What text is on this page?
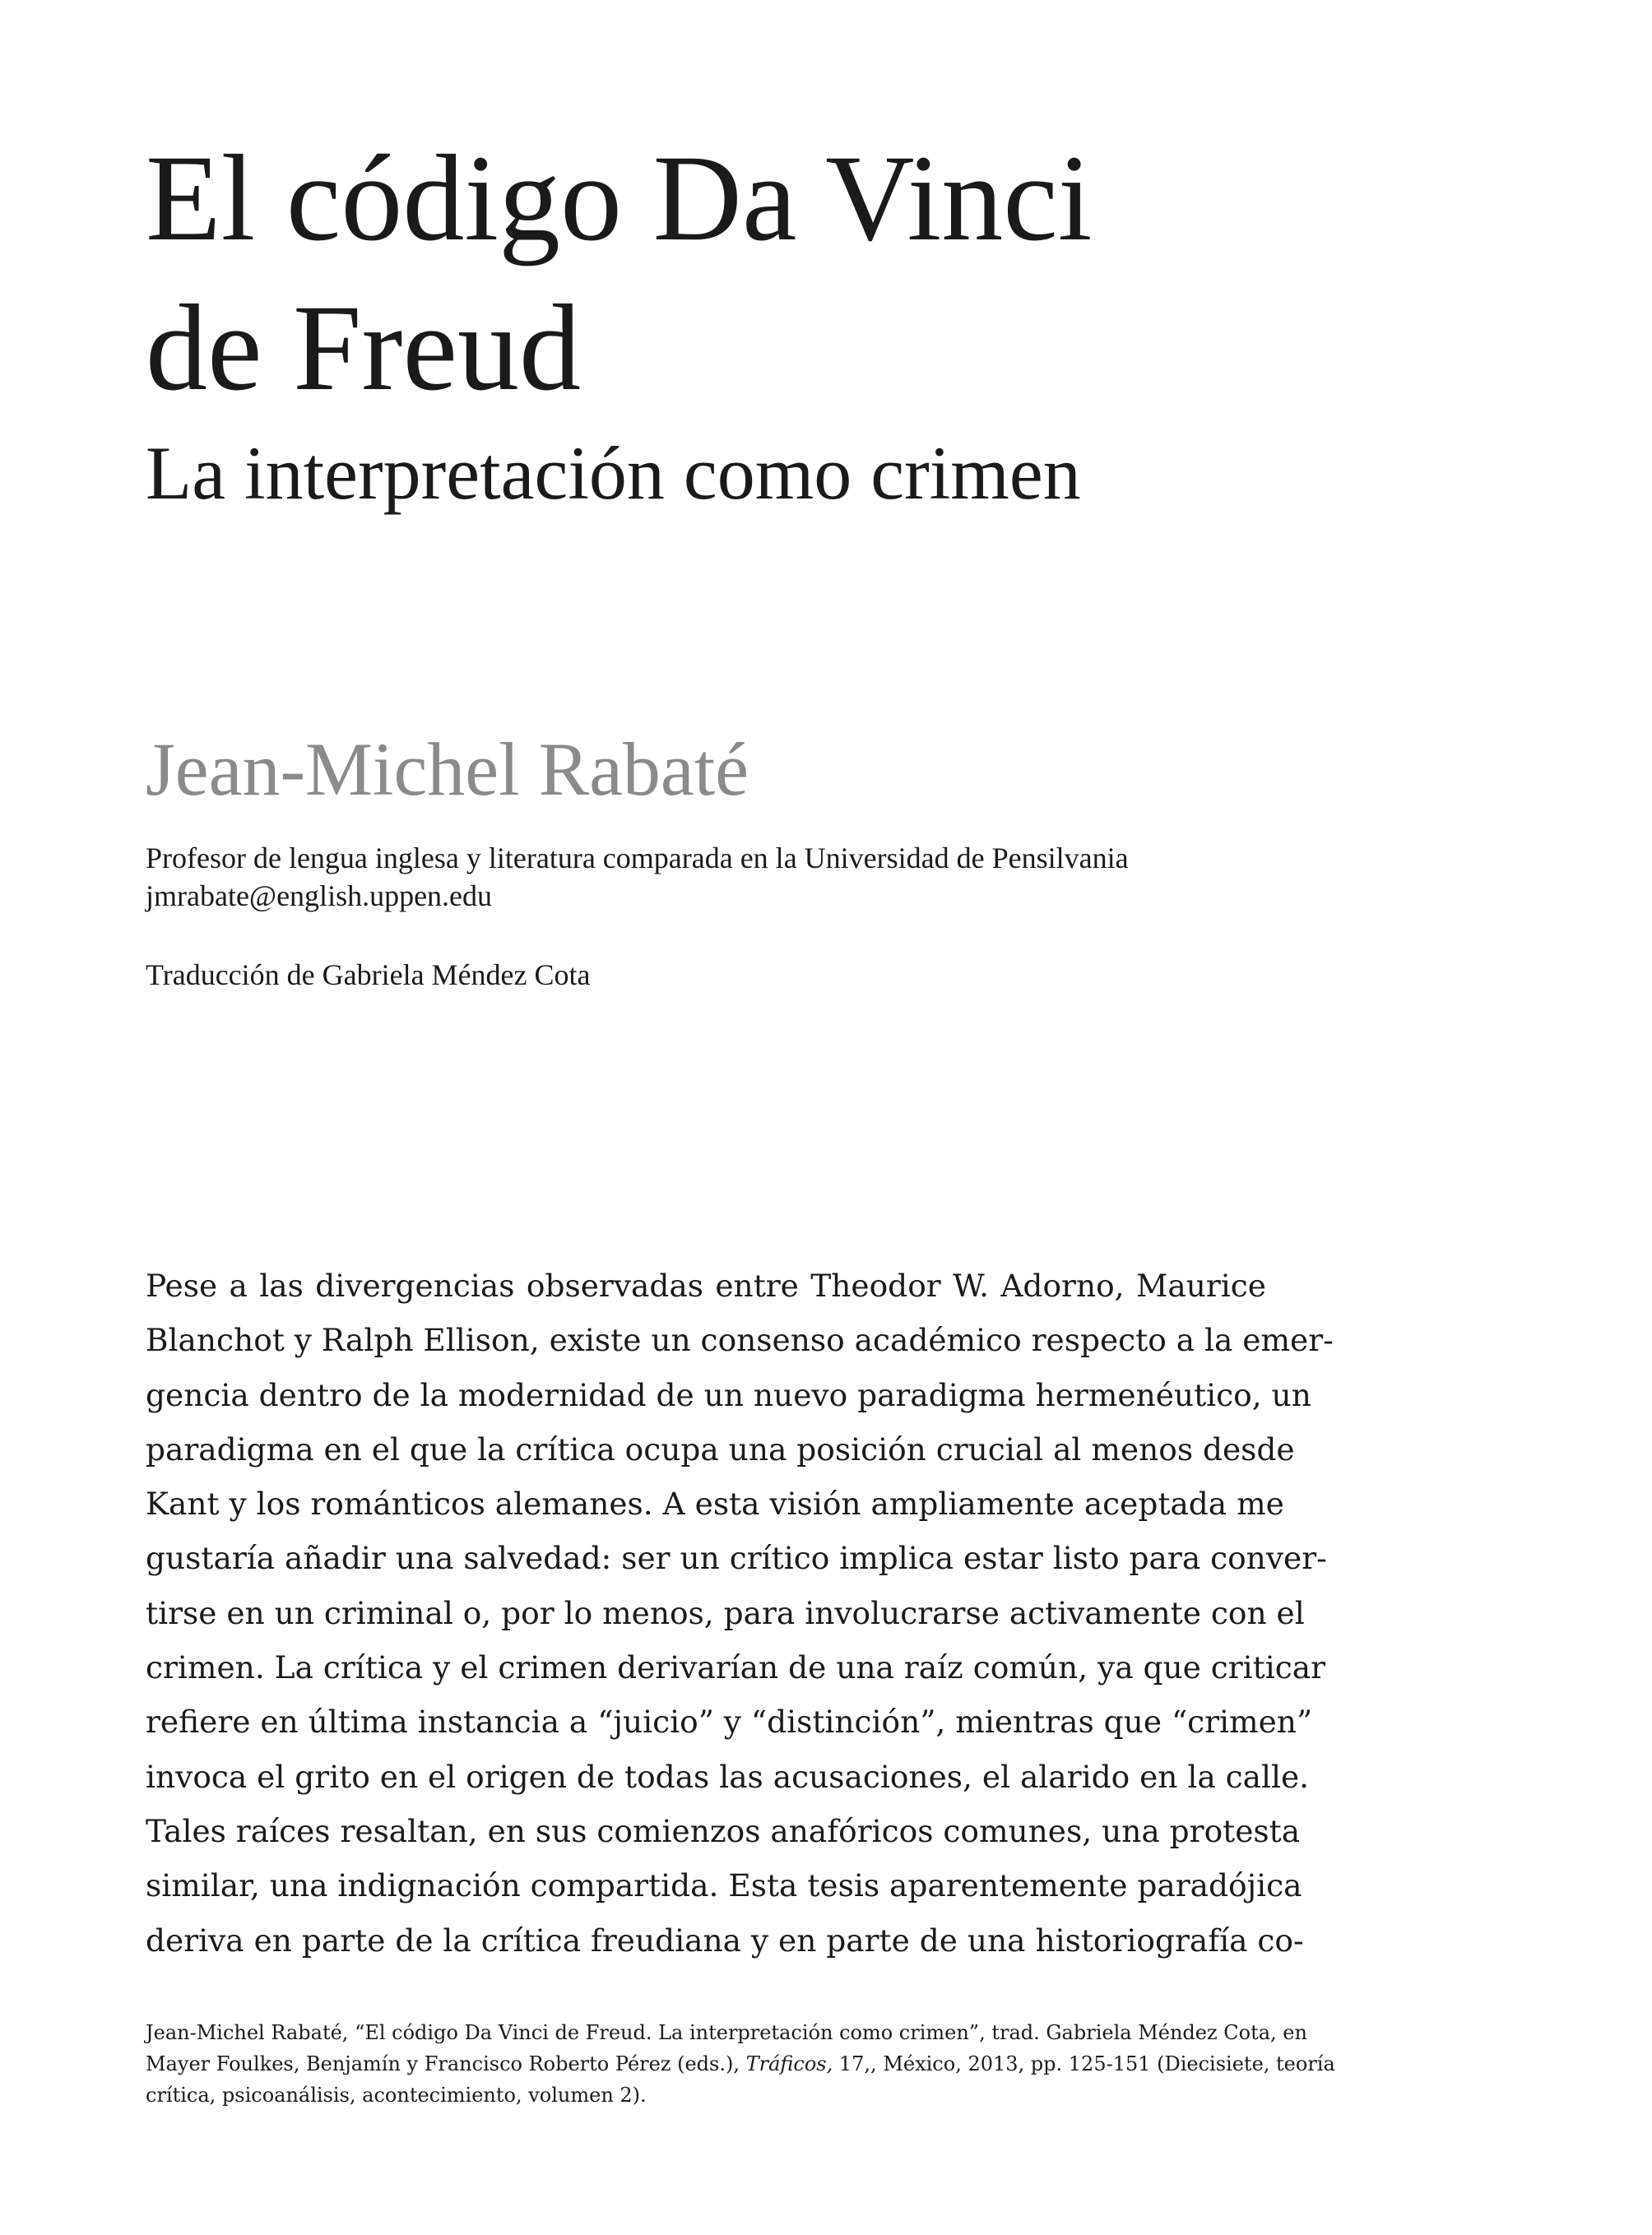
El código Da Vinci
de Freud
La interpretación como crimen
Jean-Michel Rabaté
Profesor de lengua inglesa y literatura comparada en la Universidad de Pensilvania
jmrabate@english.uppen.edu
Traducción de Gabriela Méndez Cota
Pese a las divergencias observadas entre Theodor W. Adorno, Maurice
Blanchot y Ralph Ellison, existe un consenso académico respecto a la emer-
gencia dentro de la modernidad de un nuevo paradigma hermenéutico, un
paradigma en el que la crítica ocupa una posición crucial al menos desde
Kant y los románticos alemanes. A esta visión ampliamente aceptada me
gustaría añadir una salvedad: ser un crítico implica estar listo para conver-
tirse en un criminal o, por lo menos, para involucrarse activamente con el
crimen. La crítica y el crimen derivarían de una raíz común, ya que criticar
refiere en última instancia a “juicio” y “distinción”, mientras que “crimen”
invoca el grito en el origen de todas las acusaciones, el alarido en la calle.
Tales raíces resaltan, en sus comienzos anafóricos comunes, una protesta
similar, una indignación compartida. Esta tesis aparentemente paradójica
deriva en parte de la crítica freudiana y en parte de una historiografía co-
Jean-Michel Rabaté, “El código Da Vinci de Freud. La interpretación como crimen”, trad. Gabriela Méndez Cota, en
Mayer Foulkes, Benjamín y Francisco Roberto Pérez (eds.), Tráficos, 17,, México, 2013, pp. 125-151 (Diecisiete, teoría
crítica, psicoanálisis, acontecimiento, volumen 2).
